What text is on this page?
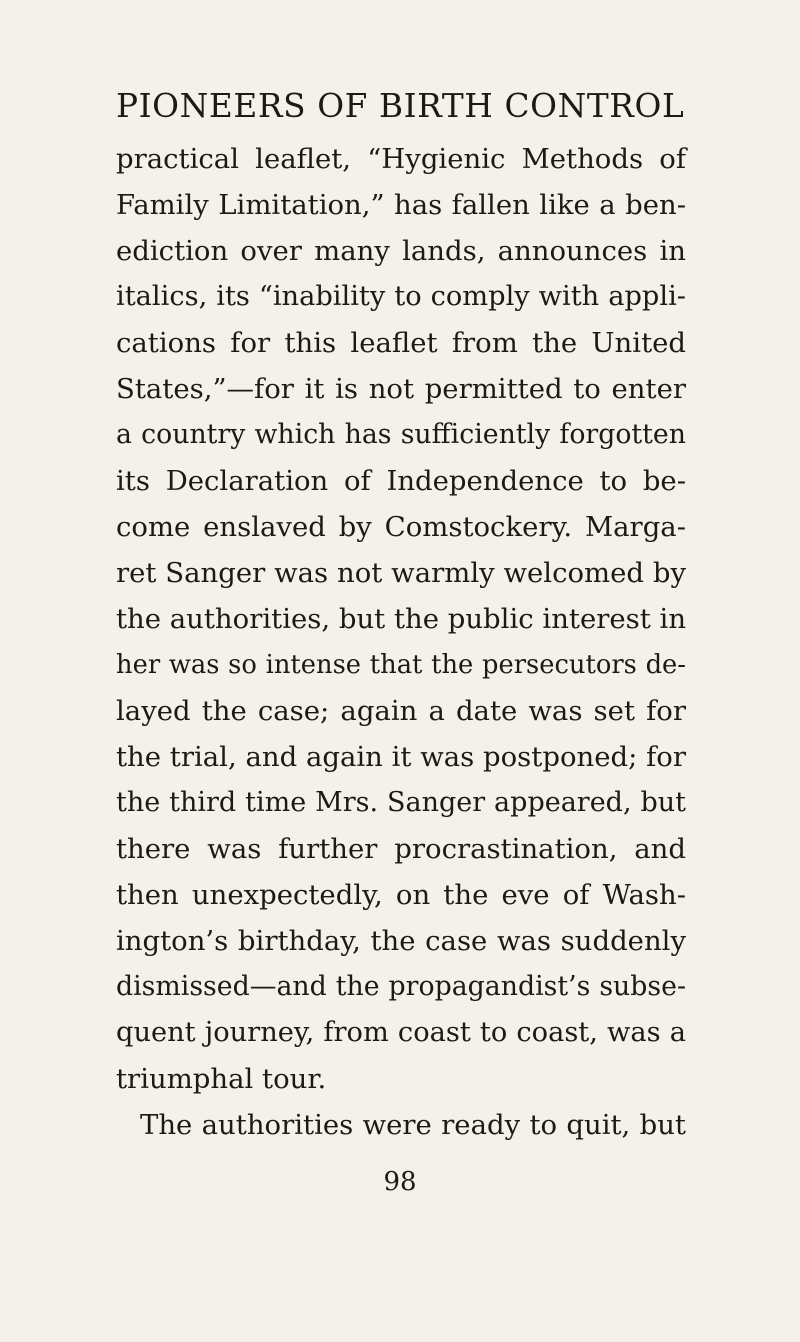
PIONEERS OF BIRTH CONTROL
practical leaflet, “Hygienic Methods of
Family Limitation,” has fallen like a ben-
ediction over many lands, announces in
italics, its “inability to comply with appli-
cations for this leaflet from the United
States,”—for it is not permitted to enter
a country which has sufficiently forgotten
its Declaration of Independence to be-
come enslaved by Comstockery. Marga-
ret Sanger was not warmly welcomed by
the authorities, but the public interest in
her was so intense that the persecutors de-
layed the case; again a date was set for
the trial, and again it was postponed; for
the third time Mrs. Sanger appeared, but
there was further procrastination, and
then unexpectedly, on the eve of Wash-
ington’s birthday, the case was suddenly
dismissed—and the propagandist’s subse-
quent journey, from coast to coast, was a
triumphal tour.
The authorities were ready to quit, but
98
